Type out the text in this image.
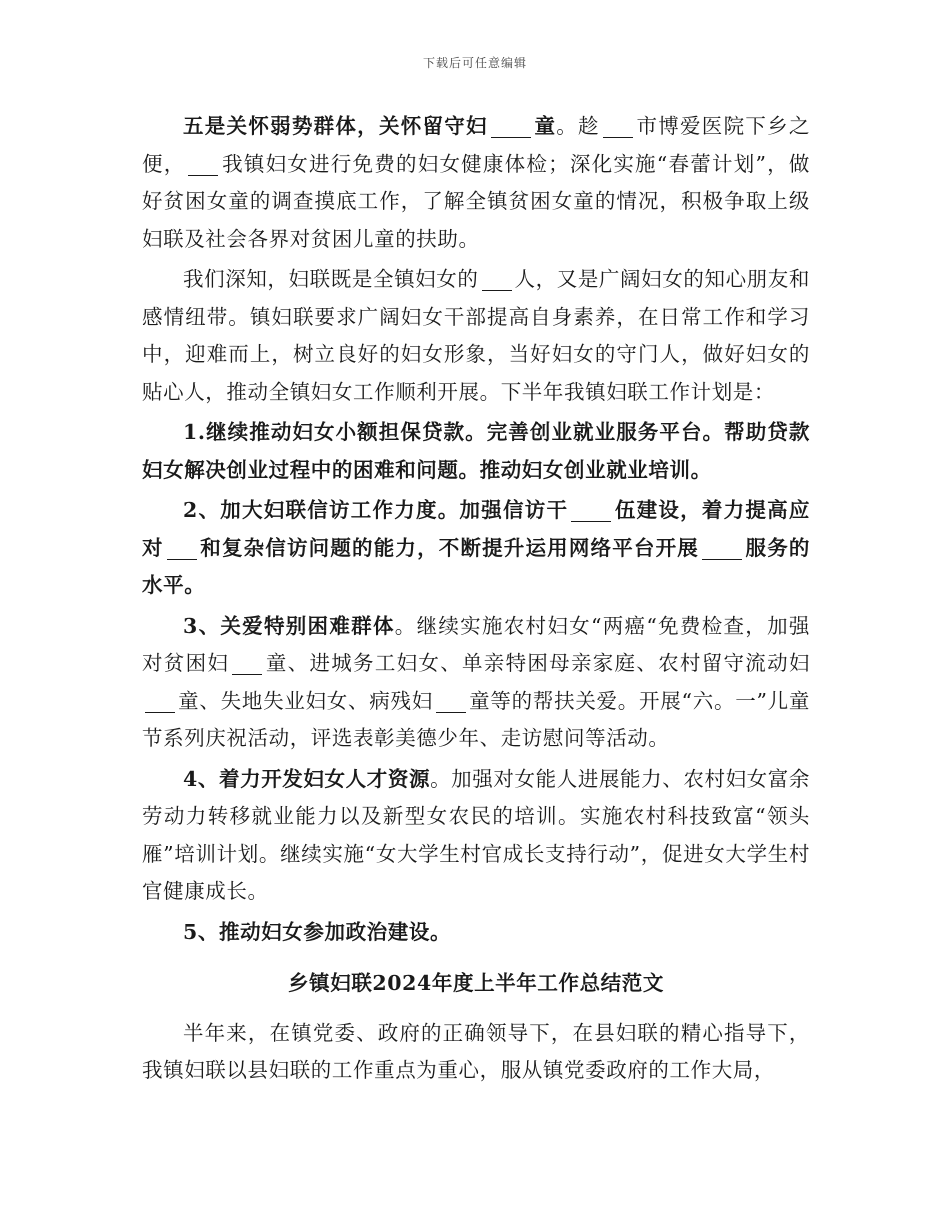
下载后可任意编辑

五是关怀弱势群体，关怀留守妇 童。趁 市博爱医院下乡之便， 我镇妇女进行免费的妇女健康体检；深化实施“春蕾计划”，做好贫困女童的调查摸底工作，了解全镇贫困女童的情况，积极争取上级妇联及社会各界对贫困儿童的扶助。

我们深知，妇联既是全镇妇女的 人，又是广阔妇女的知心朋友和感情纽带。镇妇联要求广阔妇女干部提高自身素养，在日常工作和学习中，迎难而上，树立良好的妇女形象，当好妇女的守门人，做好妇女的贴心人，推动全镇妇女工作顺利开展。下半年我镇妇联工作计划是：

1.继续推动妇女小额担保贷款。完善创业就业服务平台。帮助贷款妇女解决创业过程中的困难和问题。推动妇女创业就业培训。

2、加大妇联信访工作力度。加强信访干 伍建设，着力提高应对 和复杂信访问题的能力，不断提升运用网络平台开展 服务的水平。

3、关爱特别困难群体。继续实施农村妇女“两癌“免费检查，加强对贫困妇 童、进城务工妇女、单亲特困母亲家庭、农村留守流动妇童、失地失业妇女、病残妇 童等的帮扶关爱。开展“六。一”儿童节系列庆祝活动，评选表彰美德少年、走访慰问等活动。

4、着力开发妇女人才资源。加强对女能人进展能力、农村妇女富余劳动力转移就业能力以及新型女农民的培训。实施农村科技致富“领头雁”培训计划。继续实施“女大学生村官成长支持行动”，促进女大学生村官健康成长。

5、推动妇女参加政治建设。

乡镇妇联2024年度上半年工作总结范文

半年来，在镇党委、政府的正确领导下，在县妇联的精心指导下，我镇妇联以县妇联的工作重点为重心，服从镇党委政府的工作大局，
